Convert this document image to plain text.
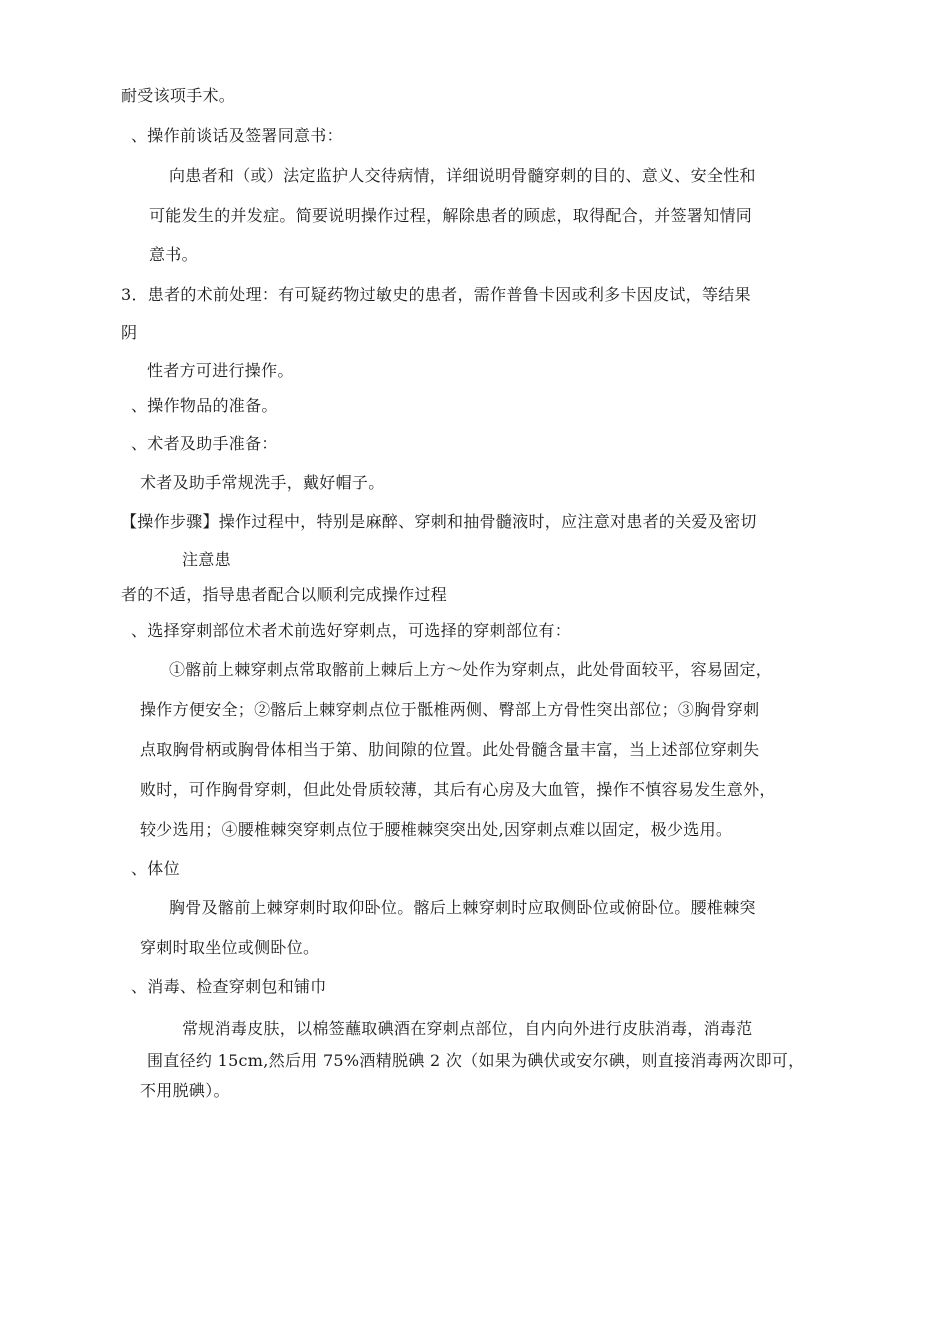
耐受该项手术。
、操作前谈话及签署同意书：
向患者和（或）法定监护人交待病情，详细说明骨髓穿刺的目的、意义、安全性和
可能发生的并发症。简要说明操作过程，解除患者的顾虑，取得配合，并签署知情同
意书。
3．患者的术前处理：有可疑药物过敏史的患者，需作普鲁卡因或利多卡因皮试，等结果
阴
性者方可进行操作。
、操作物品的准备。
、术者及助手准备：
术者及助手常规洗手，戴好帽子。
【操作步骤】操作过程中，特别是麻醉、穿刺和抽骨髓液时，应注意对患者的关爱及密切
注意患
者的不适，指导患者配合以顺利完成操作过程
、选择穿刺部位术者术前选好穿刺点，可选择的穿刺部位有：
①髂前上棘穿刺点常取髂前上棘后上方～处作为穿刺点，此处骨面较平，容易固定，
操作方便安全；②髂后上棘穿刺点位于骶椎两侧、臀部上方骨性突出部位；③胸骨穿刺
点取胸骨柄或胸骨体相当于第、肋间隙的位置。此处骨髓含量丰富，当上述部位穿刺失
败时，可作胸骨穿刺，但此处骨质较薄，其后有心房及大血管，操作不慎容易发生意外，
较少选用；④腰椎棘突穿刺点位于腰椎棘突突出处,因穿刺点难以固定，极少选用。
、体位
胸骨及髂前上棘穿刺时取仰卧位。髂后上棘穿刺时应取侧卧位或俯卧位。腰椎棘突
穿刺时取坐位或侧卧位。
、消毒、检查穿刺包和铺巾
常规消毒皮肤，以棉签蘸取碘酒在穿刺点部位，自内向外进行皮肤消毒，消毒范
围直径约 15cm,然后用 75%酒精脱碘 2 次（如果为碘伏或安尔碘，则直接消毒两次即可，
不用脱碘）。
